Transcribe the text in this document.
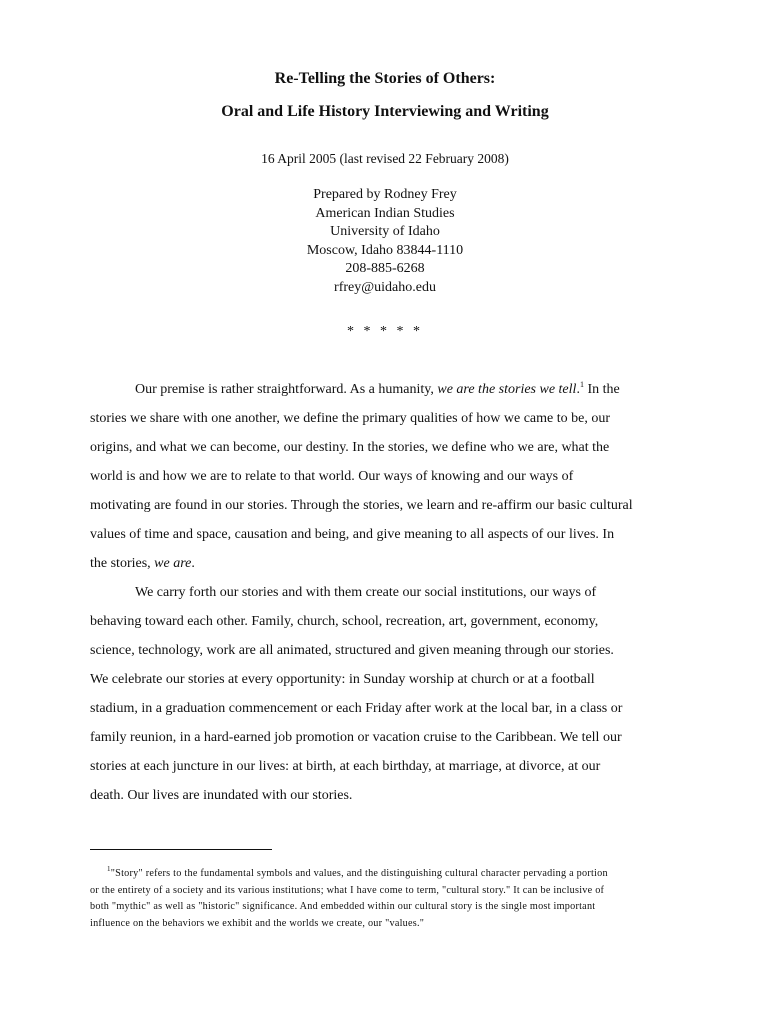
Re-Telling the Stories of Others:
Oral and Life History Interviewing and Writing

16 April 2005 (last revised 22 February 2008)

Prepared by Rodney Frey
American Indian Studies
University of Idaho
Moscow, Idaho 83844-1110
208-885-6268
rfrey@uidaho.edu
* * * * *
Our premise is rather straightforward. As a humanity, we are the stories we tell.$^1$ In the
stories we share with one another, we define the primary qualities of how we came to be, our
origins, and what we can become, our destiny. In the stories, we define who we are, what the
world is and how we are to relate to that world. Our ways of knowing and our ways of
motivating are found in our stories. Through the stories, we learn and re-affirm our basic cultural
values of time and space, causation and being, and give meaning to all aspects of our lives. In
the stories, we are.
We carry forth our stories and with them create our social institutions, our ways of
behaving toward each other. Family, church, school, recreation, art, government, economy,
science, technology, work are all animated, structured and given meaning through our stories.
We celebrate our stories at every opportunity: in Sunday worship at church or at a football
stadium, in a graduation commencement or each Friday after work at the local bar, in a class or
family reunion, in a hard-earned job promotion or vacation cruise to the Caribbean. We tell our
stories at each juncture in our lives: at birth, at each birthday, at marriage, at divorce, at our
death. Our lives are inundated with our stories.
$^1$"Story" refers to the fundamental symbols and values, and the distinguishing cultural character pervading a portion
or the entirety of a society and its various institutions; what I have come to term, "cultural story." It can be inclusive of
both "mythic" as well as "historic" significance. And embedded within our cultural story is the single most important
influence on the behaviors we exhibit and the worlds we create, our "values."
